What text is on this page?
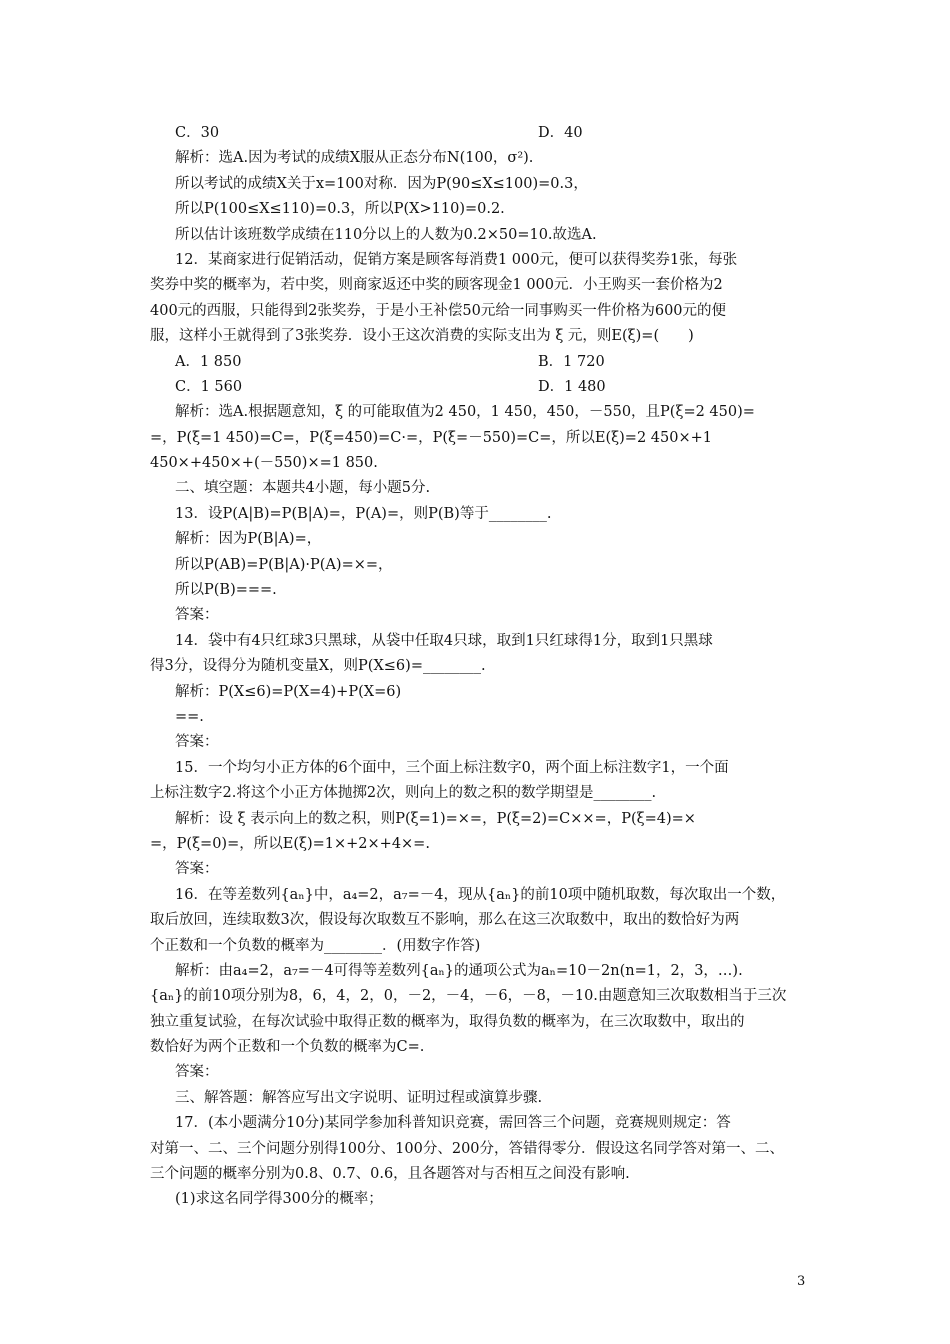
C．30	D．40
解析：选A.因为考试的成绩X服从正态分布N(100，σ²).
所以考试的成绩X关于x=100对称．因为P(90≤X≤100)=0.3，
所以P(100≤X≤110)=0.3，所以P(X>110)=0.2.
所以估计该班数学成绩在110分以上的人数为0.2×50=10.故选A.
12．某商家进行促销活动，促销方案是顾客每消费1 000元，便可以获得奖券1张，每张
奖券中奖的概率为，若中奖，则商家返还中奖的顾客现金1 000元．小王购买一套价格为2
400元的西服，只能得到2张奖券，于是小王补偿50元给一同事购买一件价格为600元的便
服，这样小王就得到了3张奖券．设小王这次消费的实际支出为 ξ 元，则E(ξ)=(　　)
A．1 850	B．1 720
C．1 560	D．1 480
解析：选A.根据题意知，ξ 的可能取值为2 450，1 450，450，－550，且P(ξ=2 450)=
=，P(ξ=1 450)=C=，P(ξ=450)=C·=，P(ξ=－550)=C=，所以E(ξ)=2 450×+1
450×+450×+(－550)×=1 850.
二、填空题：本题共4小题，每小题5分.
13．设P(A|B)=P(B|A)=，P(A)=，则P(B)等于________.
解析：因为P(B|A)=，
所以P(AB)=P(B|A)·P(A)=×=，
所以P(B)===.
答案：
14．袋中有4只红球3只黑球，从袋中任取4只球，取到1只红球得1分，取到1只黑球
得3分，设得分为随机变量X，则P(X≤6)=________.
解析：P(X≤6)=P(X=4)+P(X=6)
==.
答案：
15．一个均匀小正方体的6个面中，三个面上标注数字0，两个面上标注数字1，一个面
上标注数字2.将这个小正方体抛掷2次，则向上的数之积的数学期望是________.
解析：设 ξ 表示向上的数之积，则P(ξ=1)=×=，P(ξ=2)=C××=，P(ξ=4)=×
=，P(ξ=0)=，所以E(ξ)=1×+2×+4×=.
答案：
16．在等差数列{aₙ}中，a₄=2，a₇=－4，现从{aₙ}的前10项中随机取数，每次取出一个数，
取后放回，连续取数3次，假设每次取数互不影响，那么在这三次取数中，取出的数恰好为两
个正数和一个负数的概率为________．(用数字作答)
解析：由a₄=2，a₇=－4可得等差数列{aₙ}的通项公式为aₙ=10－2n(n=1，2，3，…).
{aₙ}的前10项分别为8，6，4，2，0，－2，－4，－6，－8，－10.由题意知三次取数相当于三次
独立重复试验，在每次试验中取得正数的概率为，取得负数的概率为，在三次取数中，取出的
数恰好为两个正数和一个负数的概率为C=.
答案：
三、解答题：解答应写出文字说明、证明过程或演算步骤.
17．(本小题满分10分)某同学参加科普知识竞赛，需回答三个问题，竞赛规则规定：答
对第一、二、三个问题分别得100分、100分、200分，答错得零分．假设这名同学答对第一、二、
三个问题的概率分别为0.8、0.7、0.6，且各题答对与否相互之间没有影响.
(1)求这名同学得300分的概率；
3
